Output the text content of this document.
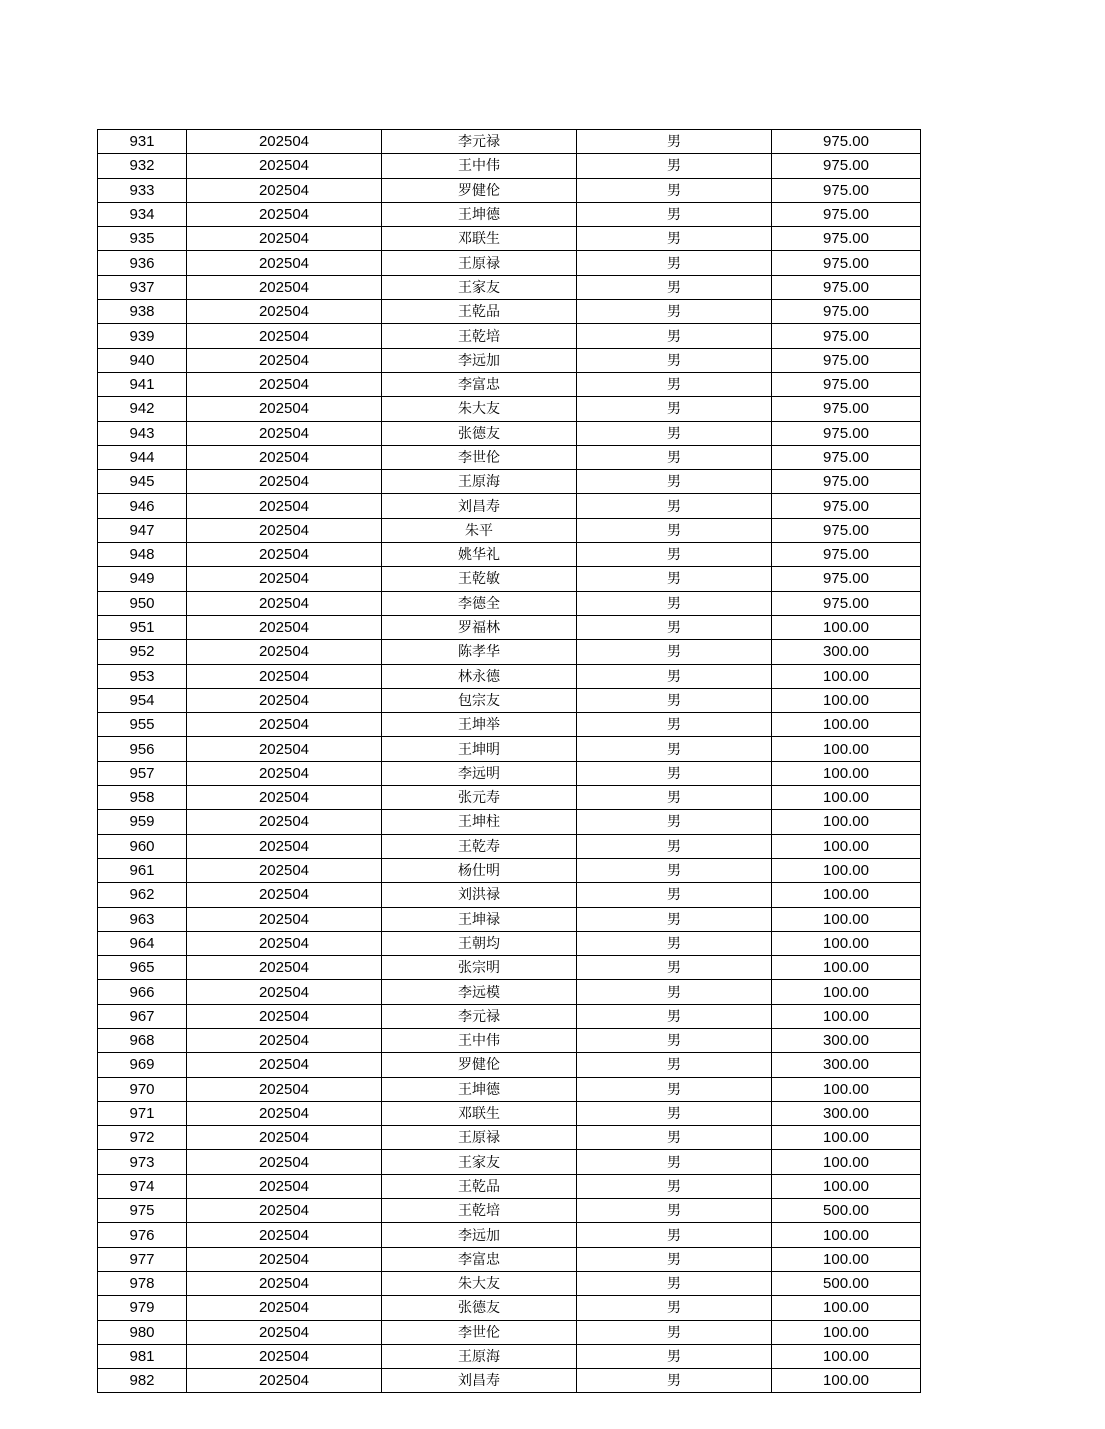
931	202504	李元禄	男	975.00
932	202504	王中伟	男	975.00
933	202504	罗健伦	男	975.00
934	202504	王坤德	男	975.00
935	202504	邓联生	男	975.00
936	202504	王原禄	男	975.00
937	202504	王家友	男	975.00
938	202504	王乾品	男	975.00
939	202504	王乾培	男	975.00
940	202504	李远加	男	975.00
941	202504	李富忠	男	975.00
942	202504	朱大友	男	975.00
943	202504	张德友	男	975.00
944	202504	李世伦	男	975.00
945	202504	王原海	男	975.00
946	202504	刘昌寿	男	975.00
947	202504	朱平	男	975.00
948	202504	姚华礼	男	975.00
949	202504	王乾敏	男	975.00
950	202504	李德全	男	975.00
951	202504	罗福林	男	100.00
952	202504	陈孝华	男	300.00
953	202504	林永德	男	100.00
954	202504	包宗友	男	100.00
955	202504	王坤举	男	100.00
956	202504	王坤明	男	100.00
957	202504	李远明	男	100.00
958	202504	张元寿	男	100.00
959	202504	王坤柱	男	100.00
960	202504	王乾寿	男	100.00
961	202504	杨仕明	男	100.00
962	202504	刘洪禄	男	100.00
963	202504	王坤禄	男	100.00
964	202504	王朝均	男	100.00
965	202504	张宗明	男	100.00
966	202504	李远模	男	100.00
967	202504	李元禄	男	100.00
968	202504	王中伟	男	300.00
969	202504	罗健伦	男	300.00
970	202504	王坤德	男	100.00
971	202504	邓联生	男	300.00
972	202504	王原禄	男	100.00
973	202504	王家友	男	100.00
974	202504	王乾品	男	100.00
975	202504	王乾培	男	500.00
976	202504	李远加	男	100.00
977	202504	李富忠	男	100.00
978	202504	朱大友	男	500.00
979	202504	张德友	男	100.00
980	202504	李世伦	男	100.00
981	202504	王原海	男	100.00
982	202504	刘昌寿	男	100.00
